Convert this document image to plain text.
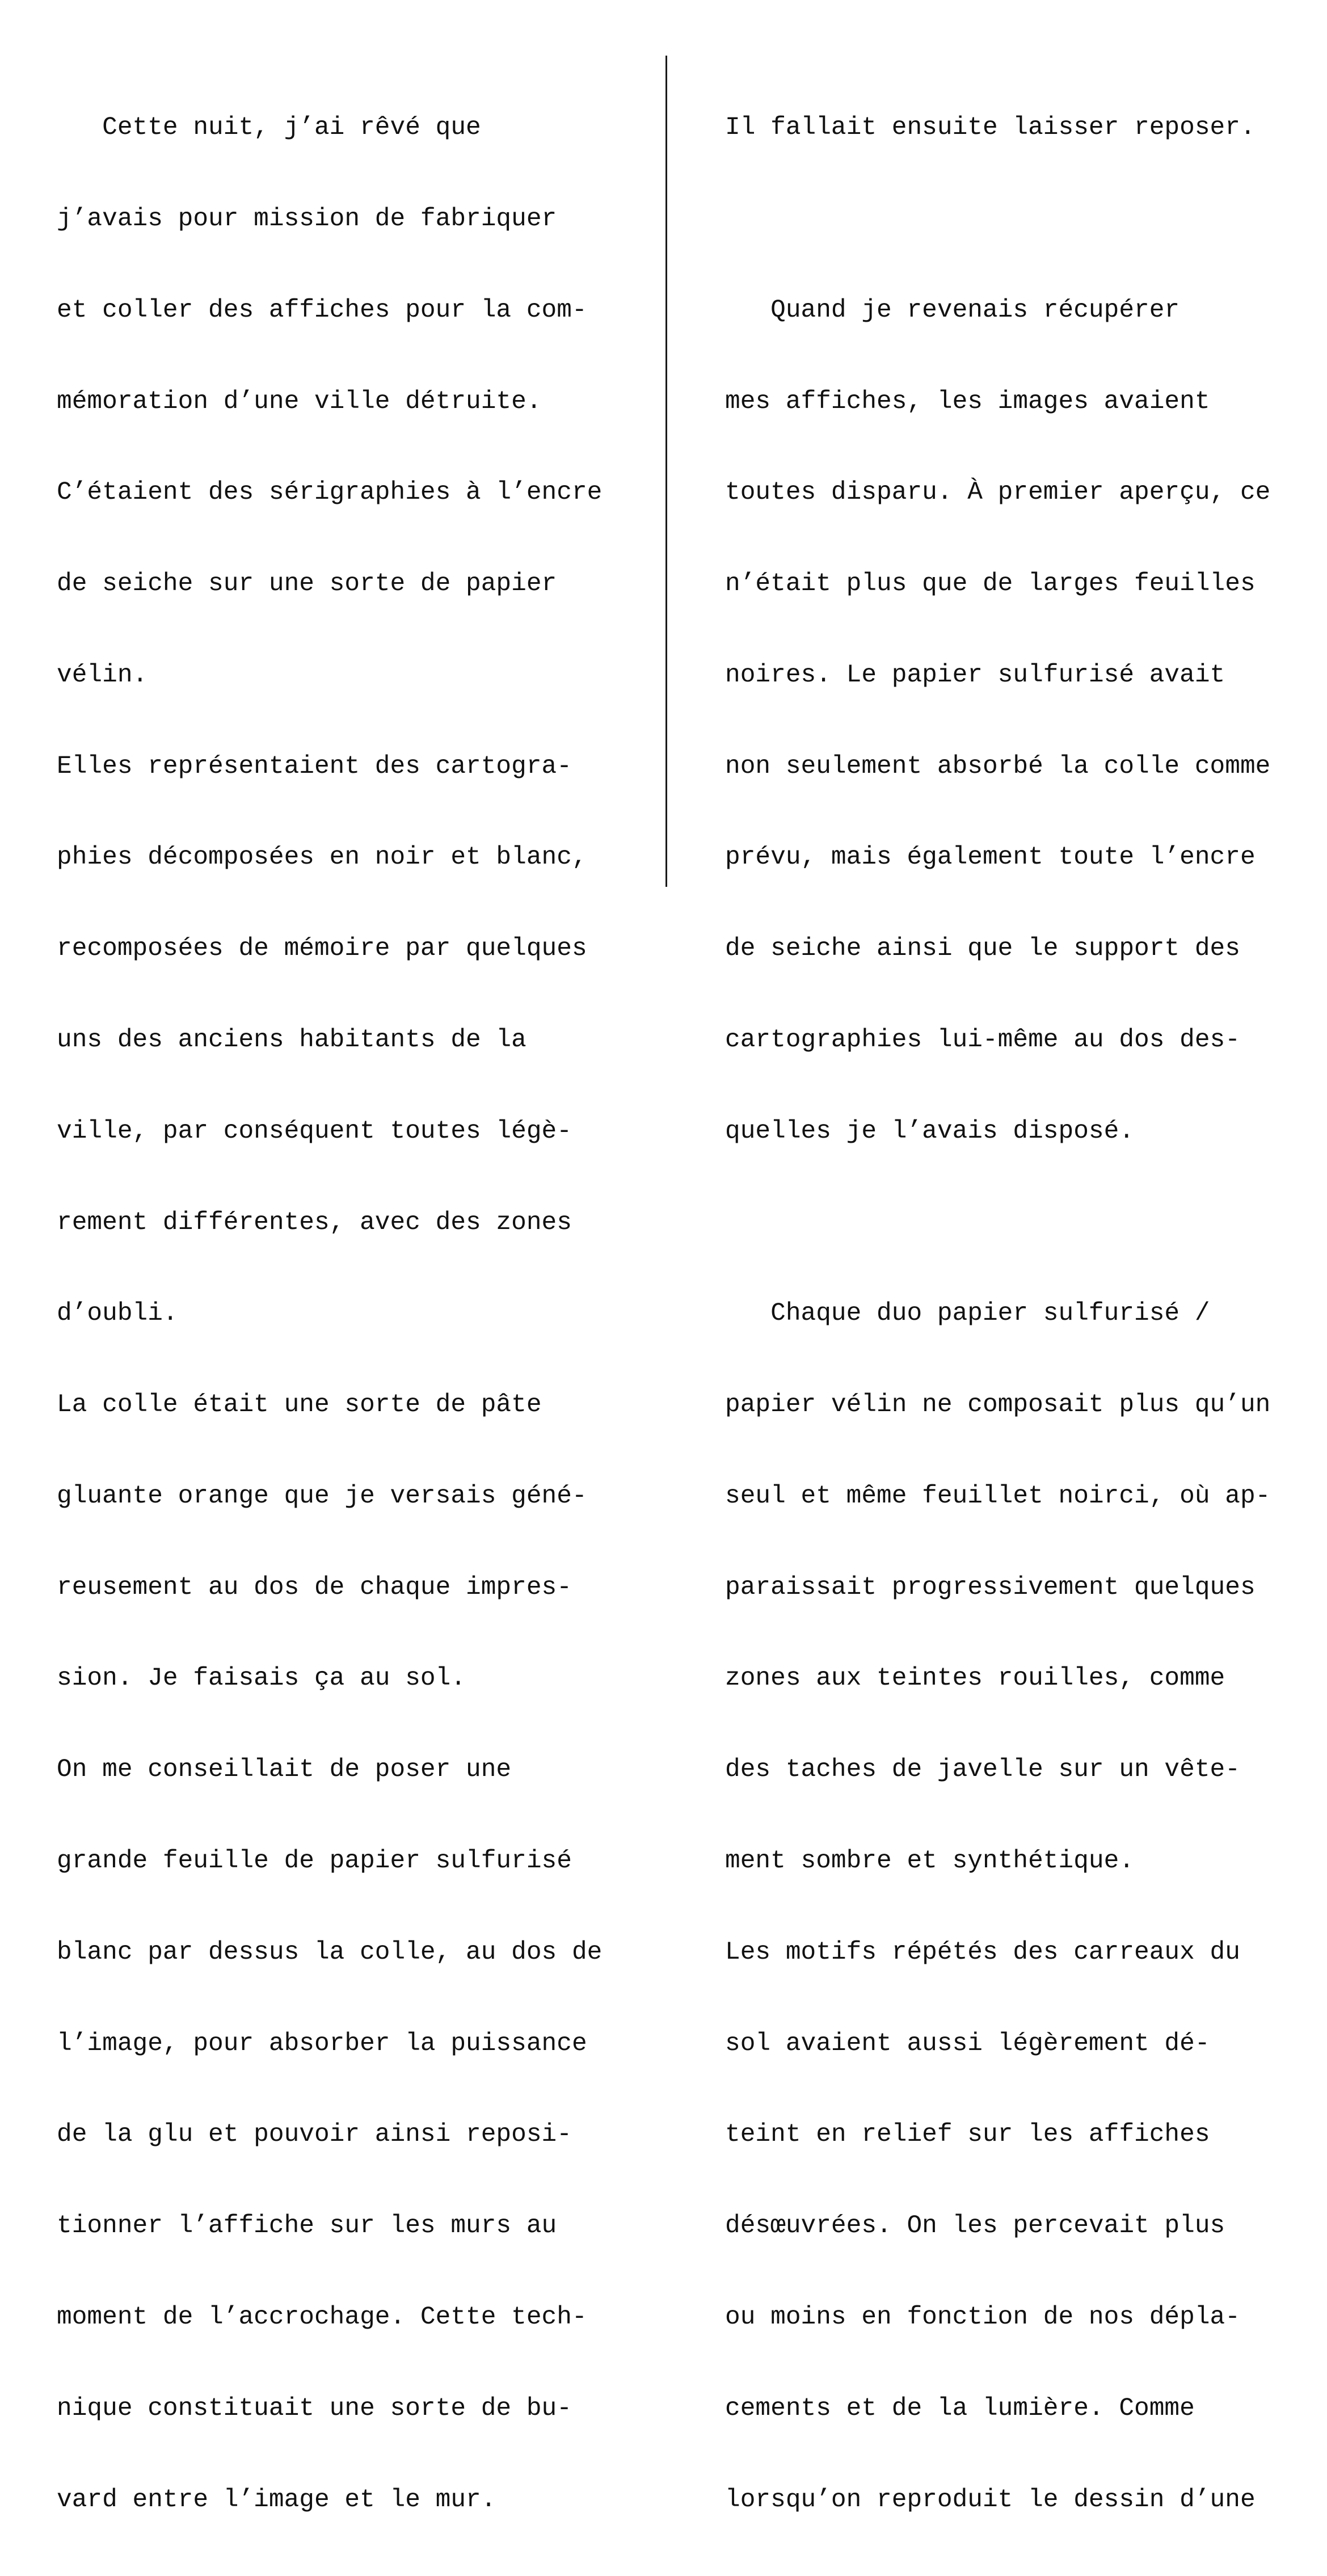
Cette nuit, j’ai rêvé que

j’avais pour mission de fabriquer

et coller des affiches pour la com-

mémoration d’une ville détruite.

C’étaient des sérigraphies à l’encre

de seiche sur une sorte de papier

vélin.

Elles représentaient des cartogra-

phies décomposées en noir et blanc,

recomposées de mémoire par quelques

uns des anciens habitants de la

ville, par conséquent toutes légè-

rement différentes, avec des zones

d’oubli.

La colle était une sorte de pâte

gluante orange que je versais géné-

reusement au dos de chaque impres-

sion. Je faisais ça au sol.

On me conseillait de poser une

grande feuille de papier sulfurisé

blanc par dessus la colle, au dos de

l’image, pour absorber la puissance

de la glu et pouvoir ainsi reposi-

tionner l’affiche sur les murs au

moment de l’accrochage. Cette tech-

nique constituait une sorte de bu-

vard entre l’image et le mur.

Il fallait ensuite laisser reposer.

Quand je revenais récupérer

mes affiches, les images avaient

toutes disparu. À premier aperçu, ce

n’était plus que de larges feuilles

noires. Le papier sulfurisé avait

non seulement absorbé la colle comme

prévu, mais également toute l’encre

de seiche ainsi que le support des

cartographies lui-même au dos des-

quelles je l’avais disposé.

Chaque duo papier sulfurisé /

papier vélin ne composait plus qu’un

seul et même feuillet noirci, où ap-

paraissait progressivement quelques

zones aux teintes rouilles, comme

des taches de javelle sur un vête-

ment sombre et synthétique.

Les motifs répétés des carreaux du

sol avaient aussi légèrement dé-

teint en relief sur les affiches

désœuvrées. On les percevait plus

ou moins en fonction de nos dépla-

cements et de la lumière. Comme

lorsqu’on reproduit le dessin d’une
